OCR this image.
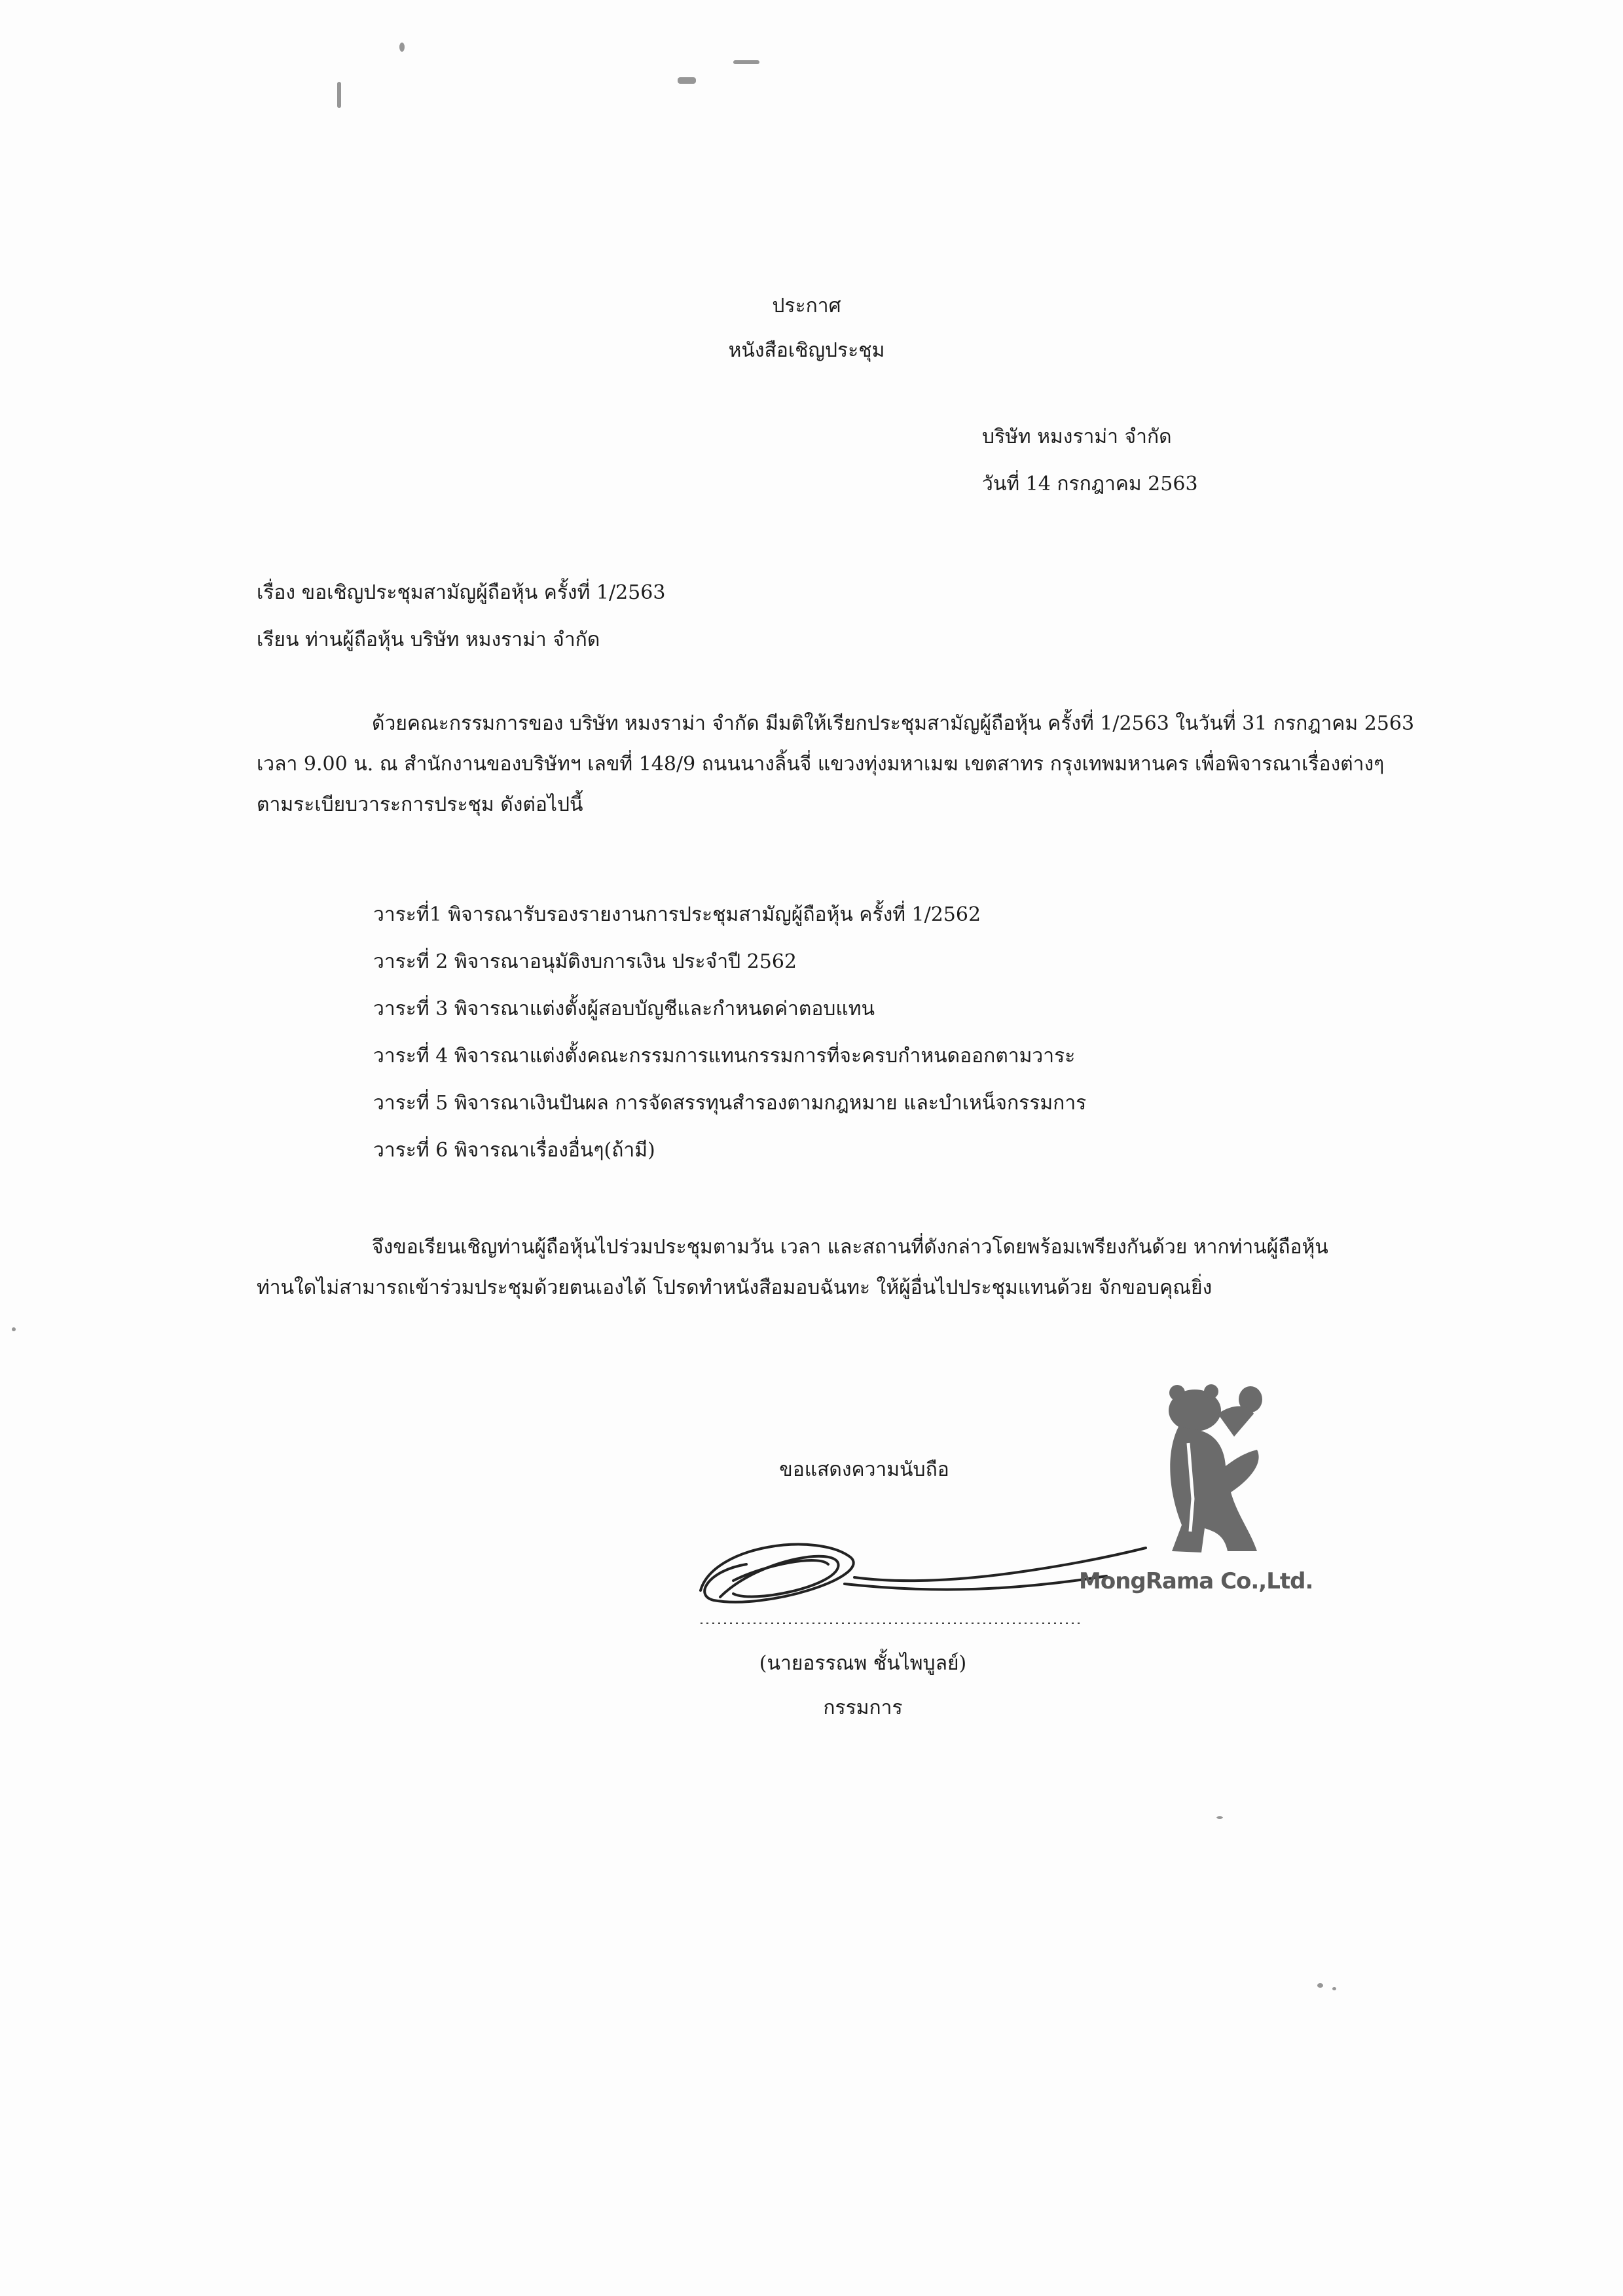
ประกาศ
หนังสือเชิญประชุม
บริษัท หมงราม่า จำกัด
วันที่ 14 กรกฎาคม 2563
เรื่อง ขอเชิญประชุมสามัญผู้ถือหุ้น ครั้งที่ 1/2563
เรียน ท่านผู้ถือหุ้น บริษัท หมงราม่า จำกัด
ด้วยคณะกรรมการของ บริษัท หมงราม่า จำกัด มีมติให้เรียกประชุมสามัญผู้ถือหุ้น ครั้งที่ 1/2563 ในวันที่ 31 กรกฎาคม 2563
เวลา 9.00 น. ณ สำนักงานของบริษัทฯ เลขที่ 148/9 ถนนนางลิ้นจี่ แขวงทุ่งมหาเมฆ เขตสาทร กรุงเทพมหานคร เพื่อพิจารณาเรื่องต่างๆ
ตามระเบียบวาระการประชุม ดังต่อไปนี้
วาระที่1 พิจารณารับรองรายงานการประชุมสามัญผู้ถือหุ้น ครั้งที่ 1/2562
วาระที่ 2 พิจารณาอนุมัติงบการเงิน ประจำปี 2562
วาระที่ 3 พิจารณาแต่งตั้งผู้สอบบัญชีและกำหนดค่าตอบแทน
วาระที่ 4 พิจารณาแต่งตั้งคณะกรรมการแทนกรรมการที่จะครบกำหนดออกตามวาระ
วาระที่ 5 พิจารณาเงินปันผล การจัดสรรทุนสำรองตามกฎหมาย และบำเหน็จกรรมการ
วาระที่ 6 พิจารณาเรื่องอื่นๆ(ถ้ามี)
จึงขอเรียนเชิญท่านผู้ถือหุ้นไปร่วมประชุมตามวัน เวลา และสถานที่ดังกล่าวโดยพร้อมเพรียงกันด้วย หากท่านผู้ถือหุ้น
ท่านใดไม่สามารถเข้าร่วมประชุมด้วยตนเองได้ โปรดทำหนังสือมอบฉันทะ ให้ผู้อื่นไปประชุมแทนด้วย จักขอบคุณยิ่ง
ขอแสดงความนับถือ
MongRama Co.,Ltd.
(นายอรรณพ ชั้นไพบูลย์)
กรรมการ
